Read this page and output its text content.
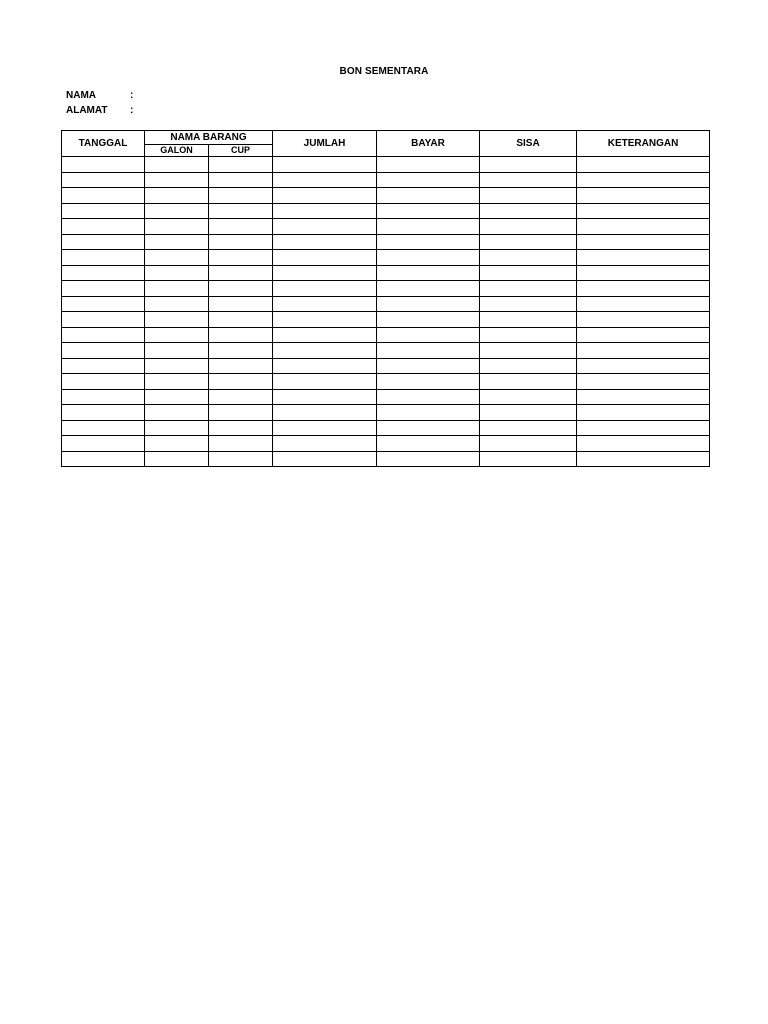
BON SEMENTARA
NAMA	:
ALAMAT :
TANGGAL	NAMA BARANG		JUMLAH	BAYAR	SISA	KETERANGAN
	GALON	CUP				
